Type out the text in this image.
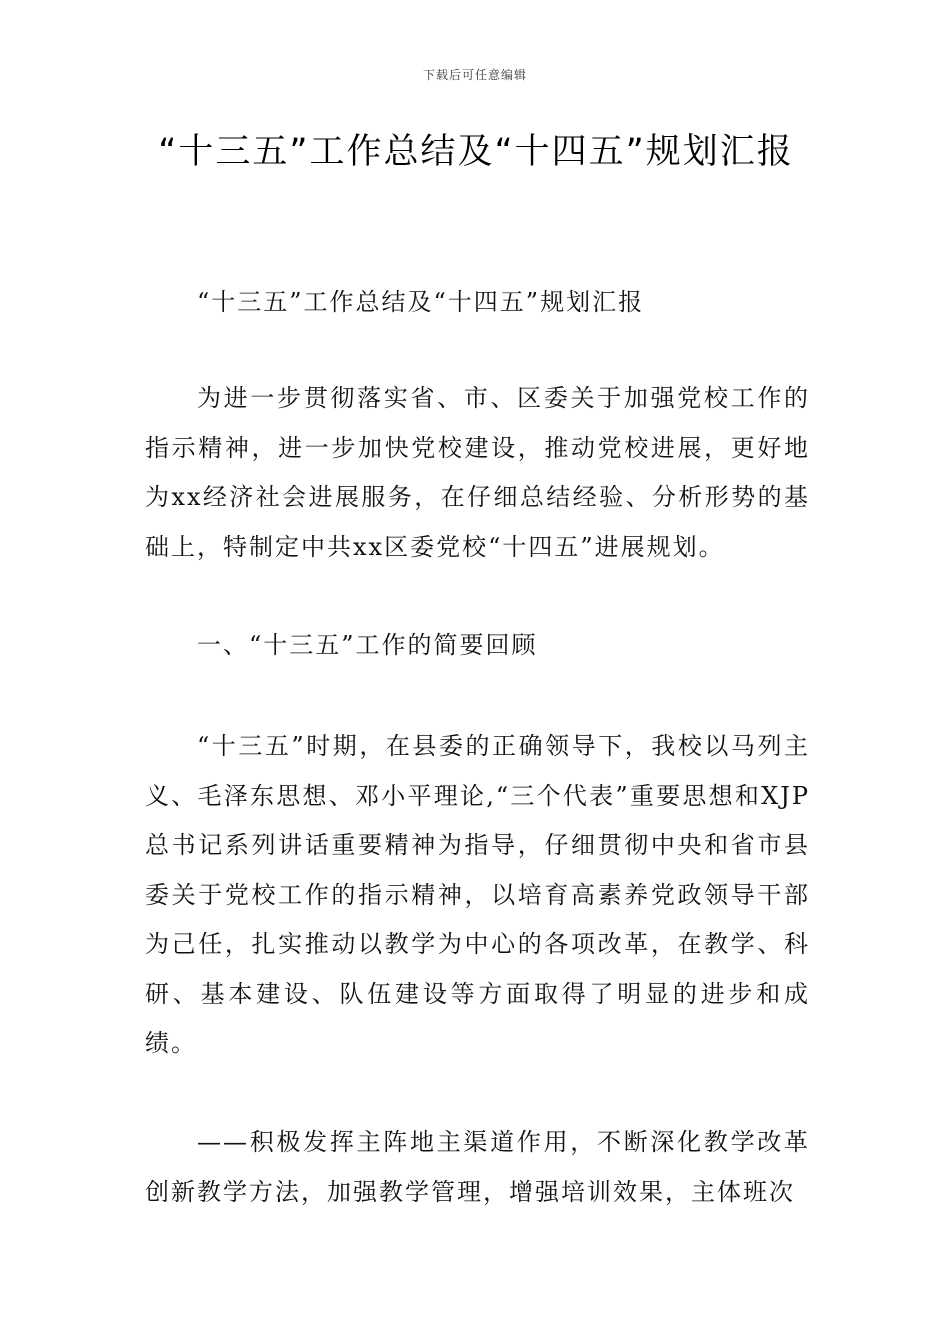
下载后可任意编辑
“十三五”工作总结及“十四五”规划汇报

“十三五”工作总结及“十四五”规划汇报

为进一步贯彻落实省、市、区委关于加强党校工作的指示精神，进一步加快党校建设，推动党校进展，更好地为xx经济社会进展服务，在仔细总结经验、分析形势的基础上，特制定中共xx区委党校“十四五”进展规划。

一、“十三五”工作的简要回顾

“十三五”时期，在县委的正确领导下，我校以马列主义、毛泽东思想、邓小平理论,“三个代表”重要思想和XJP总书记系列讲话重要精神为指导，仔细贯彻中央和省市县委关于党校工作的指示精神，以培育高素养党政领导干部为己任，扎实推动以教学为中心的各项改革，在教学、科研、基本建设、队伍建设等方面取得了明显的进步和成绩。

——积极发挥主阵地主渠道作用，不断深化教学改革创新教学方法，加强教学管理，增强培训效果，主体班次
